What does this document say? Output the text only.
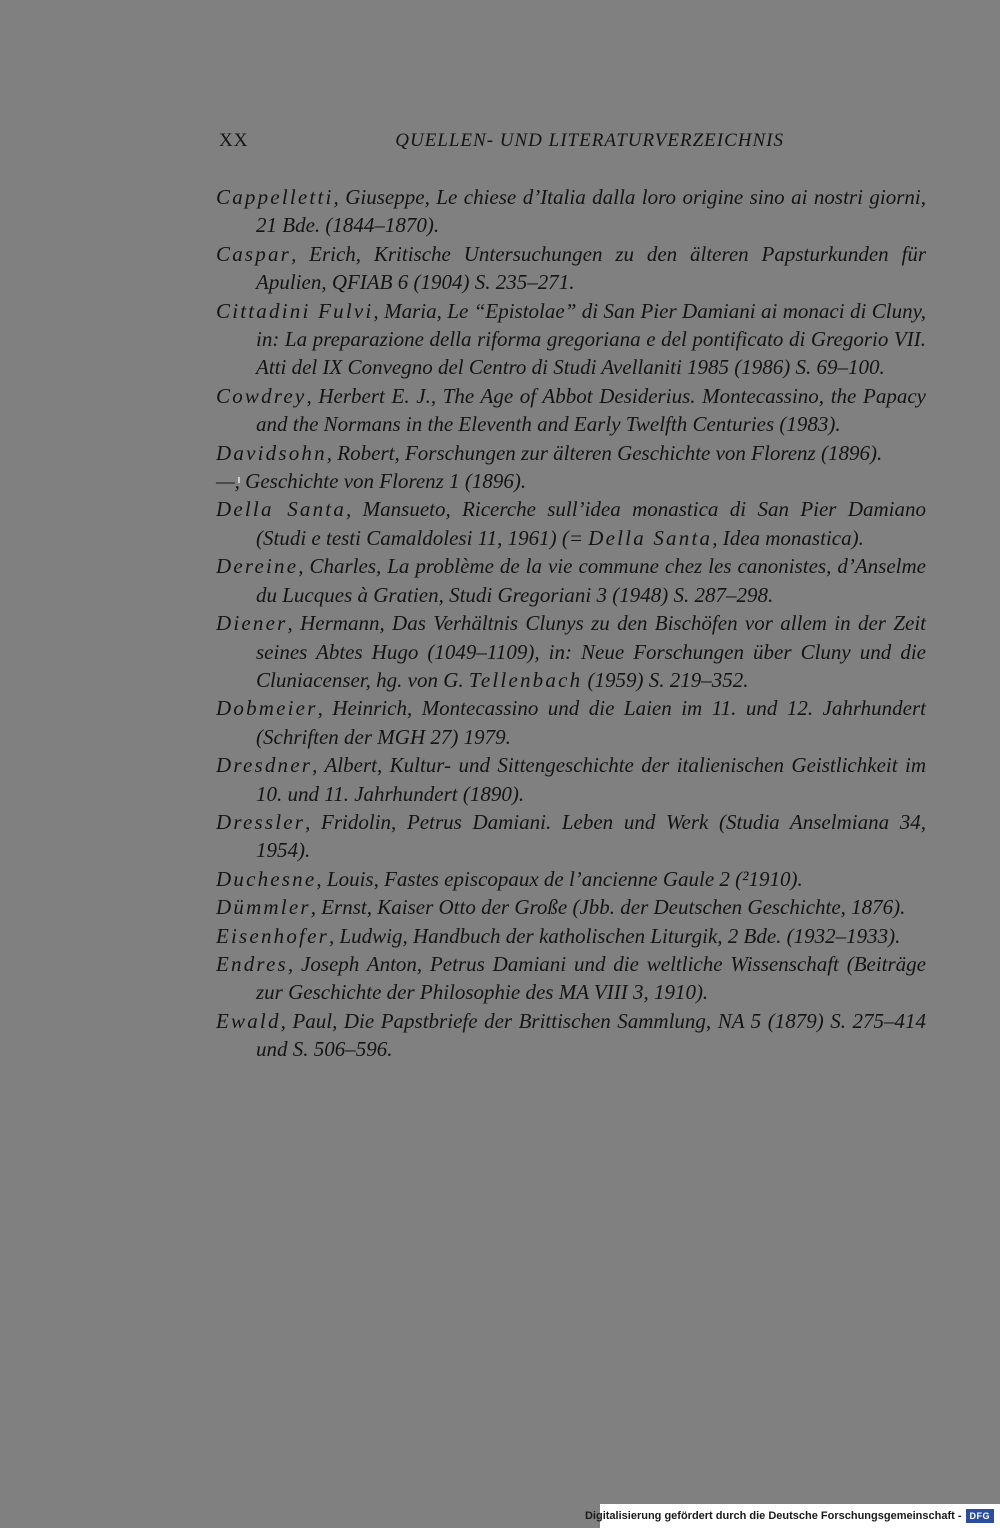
XX	QUELLEN- UND LITERATURVERZEICHNIS

Cappelletti, Giuseppe, Le chiese d’Italia dalla loro origine sino ai nostri giorni, 21 Bde. (1844–1870).

Caspar, Erich, Kritische Untersuchungen zu den älteren Papsturkunden für Apulien, QFIAB 6 (1904) S. 235–271.

Cittadini Fulvi, Maria, Le “Epistolae” di San Pier Damiani ai monaci di Cluny, in: La preparazione della riforma gregoriana e del pontificato di Gregorio VII. Atti del IX Convegno del Centro di Studi Avellaniti 1985 (1986) S. 69–100.

Cowdrey, Herbert E. J., The Age of Abbot Desiderius. Montecassino, the Papacy and the Normans in the Eleventh and Early Twelfth Centuries (1983).

Davidsohn, Robert, Forschungen zur älteren Geschichte von Florenz (1896).

—, Geschichte von Florenz 1 (1896).

Della Santa, Mansueto, Ricerche sull’idea monastica di San Pier Damiano (Studi e testi Camaldolesi 11, 1961) (= Della Santa, Idea monastica).

Dereine, Charles, La problème de la vie commune chez les canonistes, d’Anselme du Lucques à Gratien, Studi Gregoriani 3 (1948) S. 287–298.

Diener, Hermann, Das Verhältnis Clunys zu den Bischöfen vor allem in der Zeit seines Abtes Hugo (1049–1109), in: Neue Forschungen über Cluny und die Cluniacenser, hg. von G. Tellenbach (1959) S. 219–352.

Dobmeier, Heinrich, Montecassino und die Laien im 11. und 12. Jahrhundert (Schriften der MGH 27) 1979.

Dresdner, Albert, Kultur- und Sittengeschichte der italienischen Geistlichkeit im 10. und 11. Jahrhundert (1890).

Dressler, Fridolin, Petrus Damiani. Leben und Werk (Studia Anselmiana 34, 1954).

Duchesne, Louis, Fastes episcopaux de l’ancienne Gaule 2 (²1910).

Dümmler, Ernst, Kaiser Otto der Große (Jbb. der Deutschen Geschichte, 1876).

Eisenhofer, Ludwig, Handbuch der katholischen Liturgik, 2 Bde. (1932–1933).

Endres, Joseph Anton, Petrus Damiani und die weltliche Wissenschaft (Beiträge zur Geschichte der Philosophie des MA VIII 3, 1910).

Ewald, Paul, Die Papstbriefe der Brittischen Sammlung, NA 5 (1879) S. 275–414 und S. 506–596.

Digitalisierung gefördert durch die Deutsche Forschungsgemeinschaft - DFG
